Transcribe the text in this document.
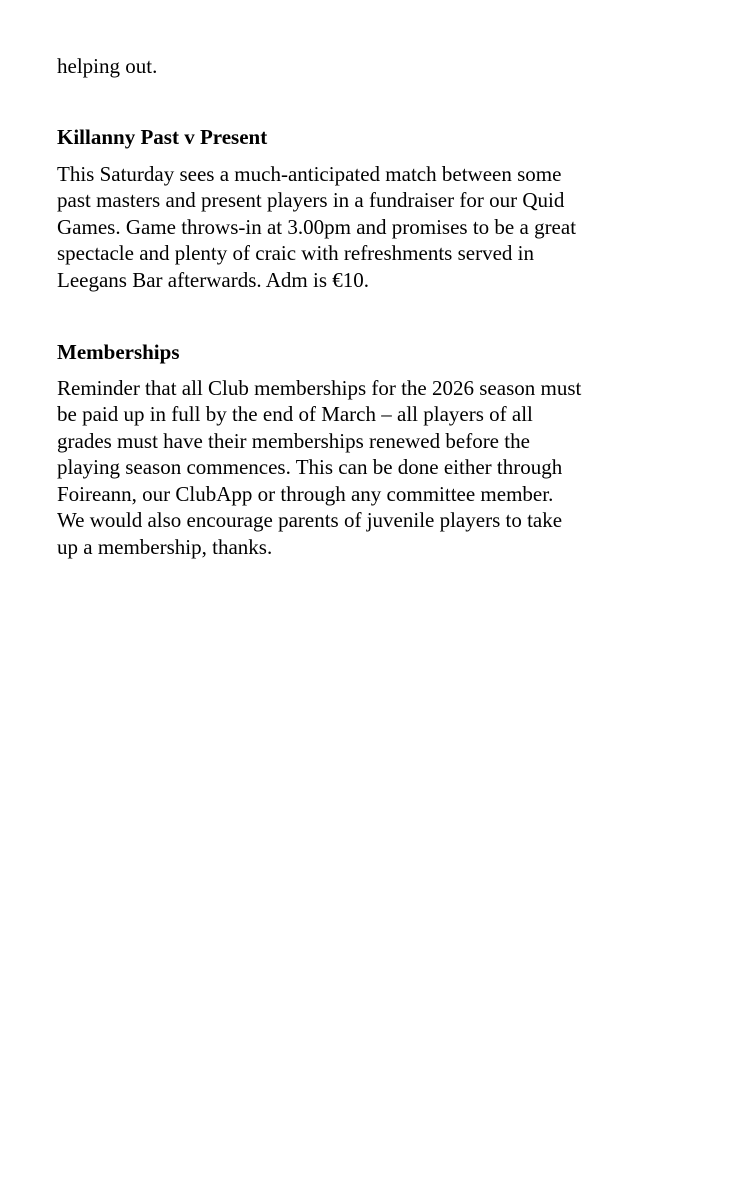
helping out.
Killanny Past v Present
This Saturday sees a much-anticipated match between some
past masters and present players in a fundraiser for our Quid
Games. Game throws-in at 3.00pm and promises to be a great
spectacle and plenty of craic with refreshments served in
Leegans Bar afterwards. Adm is €10.
Memberships
Reminder that all Club memberships for the 2026 season must
be paid up in full by the end of March – all players of all
grades must have their memberships renewed before the
playing season commences. This can be done either through
Foireann, our ClubApp or through any committee member.
We would also encourage parents of juvenile players to take
up a membership, thanks.
